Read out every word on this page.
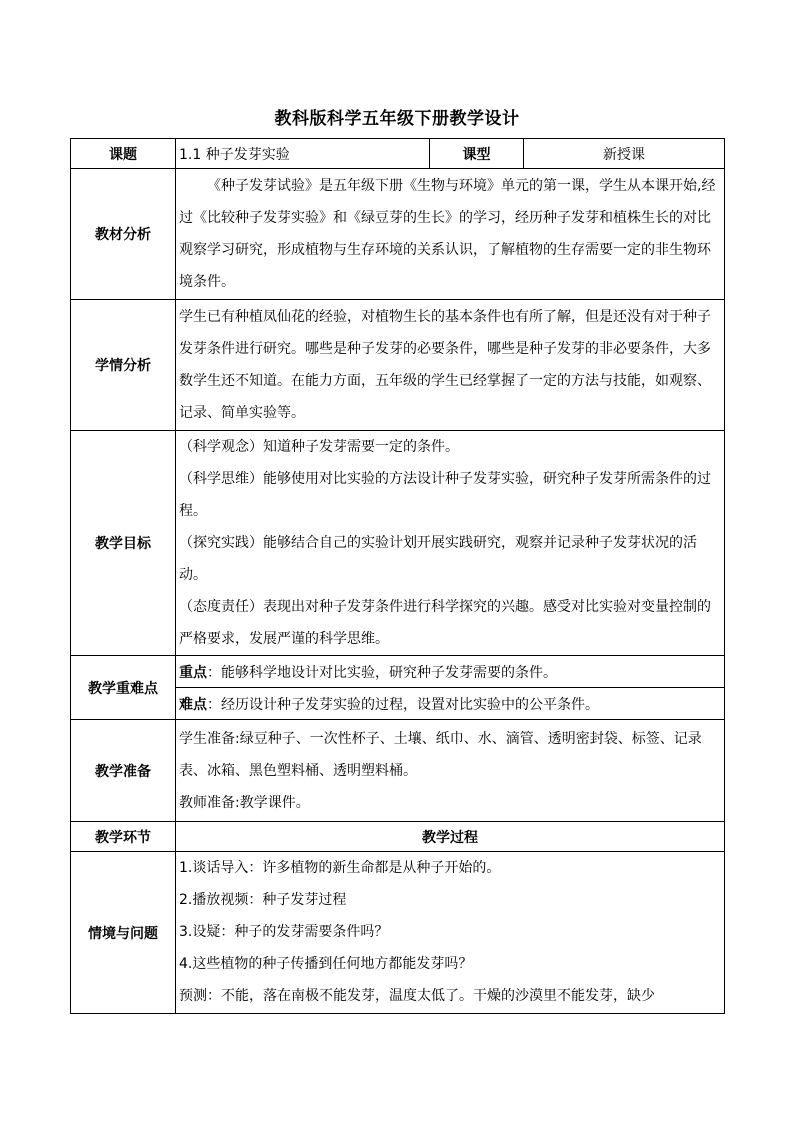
教科版科学五年级下册教学设计
课题	1.1 种子发芽实验	课型	新授课
教材分析	《种子发芽试验》是五年级下册《生物与环境》单元的第一课，学生从本课开始,经过《比较种子发芽实验》和《绿豆芽的生长》的学习，经历种子发芽和植株生长的对比观察学习研究，形成植物与生存环境的关系认识，了解植物的生存需要一定的非生物环境条件。		

学情分析	学生已有种植凤仙花的经验，对植物生长的基本条件也有所了解，但是还没有对于种子发芽条件进行研究。哪些是种子发芽的必要条件，哪些是种子发芽的非必要条件，大多数学生还不知道。在能力方面，五年级的学生已经掌握了一定的方法与技能，如观察、记录、简单实验等。		

教学目标	（科学观念）知道种子发芽需要一定的条件。

（科学思维）能够使用对比实验的方法设计种子发芽实验，研究种子发芽所需条件的过程。

（探究实践）能够结合自己的实验计划开展实践研究，观察并记录种子发芽状况的活动。

（态度责任）表现出对种子发芽条件进行科学探究的兴趣。感受对比实验对变量控制的严格要求，发展严谨的科学思维。		

教学重难点	重点：能够科学地设计对比实验，研究种子发芽需要的条件。		
	难点：经历设计种子发芽实验的过程，设置对比实验中的公平条件。		
教学准备	学生准备:绿豆种子、一次性杯子、土壤、纸巾、水、滴管、透明密封袋、标签、记录表、冰箱、黑色塑料桶、透明塑料桶。

教师准备:教学课件。		

教学环节	教学过程		
情境与问题	1.谈话导入：许多植物的新生命都是从种子开始的。

2.播放视频：种子发芽过程

3.设疑：种子的发芽需要条件吗？

4.这些植物的种子传播到任何地方都能发芽吗？

预测：不能，落在南极不能发芽，温度太低了。干燥的沙漠里不能发芽，缺少		
